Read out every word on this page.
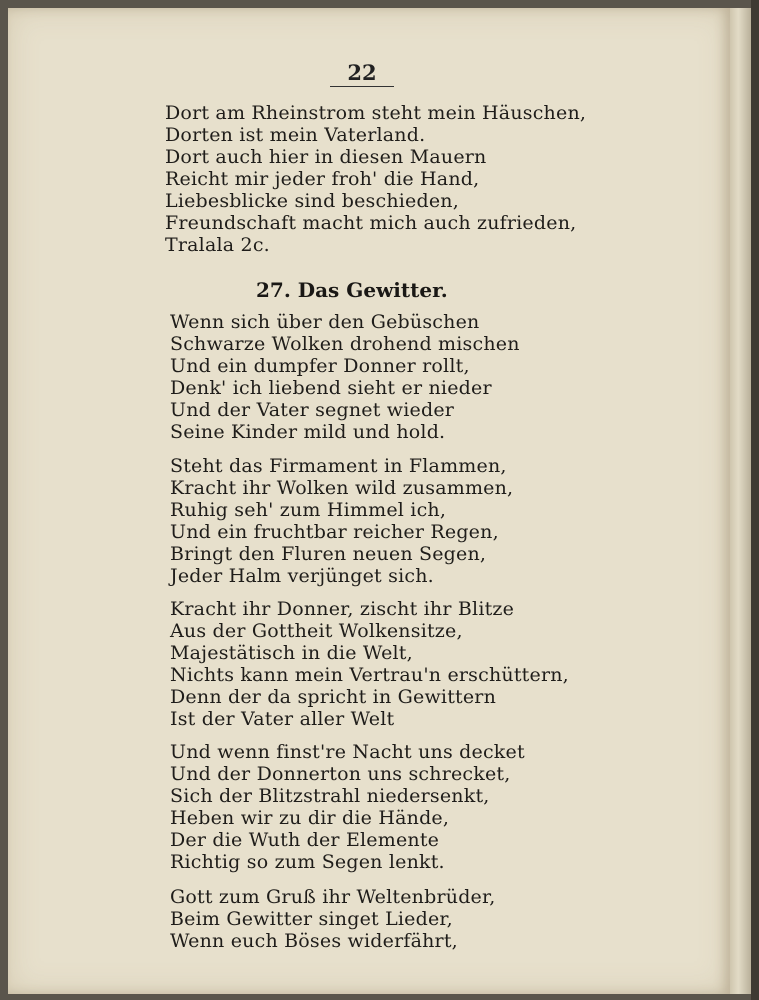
22
Dort am Rheinstrom steht mein Häuschen,
Dorten ist mein Vaterland.
Dort auch hier in diesen Mauern
Reicht mir jeder froh' die Hand,
Liebesblicke sind beschieden,
Freundschaft macht mich auch zufrieden,
Tralala 2c.
27. Das Gewitter.
Wenn sich über den Gebüschen
Schwarze Wolken drohend mischen
Und ein dumpfer Donner rollt,
Denk' ich liebend sieht er nieder
Und der Vater segnet wieder
Seine Kinder mild und hold.
Steht das Firmament in Flammen,
Kracht ihr Wolken wild zusammen,
Ruhig seh' zum Himmel ich,
Und ein fruchtbar reicher Regen,
Bringt den Fluren neuen Segen,
Jeder Halm verjünget sich.
Kracht ihr Donner, zischt ihr Blitze
Aus der Gottheit Wolkensitze,
Majestätisch in die Welt,
Nichts kann mein Vertrau'n erschüttern,
Denn der da spricht in Gewittern
Ist der Vater aller Welt
Und wenn finst're Nacht uns decket
Und der Donnerton uns schrecket,
Sich der Blitzstrahl niedersenkt,
Heben wir zu dir die Hände,
Der die Wuth der Elemente
Richtig so zum Segen lenkt.
Gott zum Gruß ihr Weltenbrüder,
Beim Gewitter singet Lieder,
Wenn euch Böses widerfährt,
